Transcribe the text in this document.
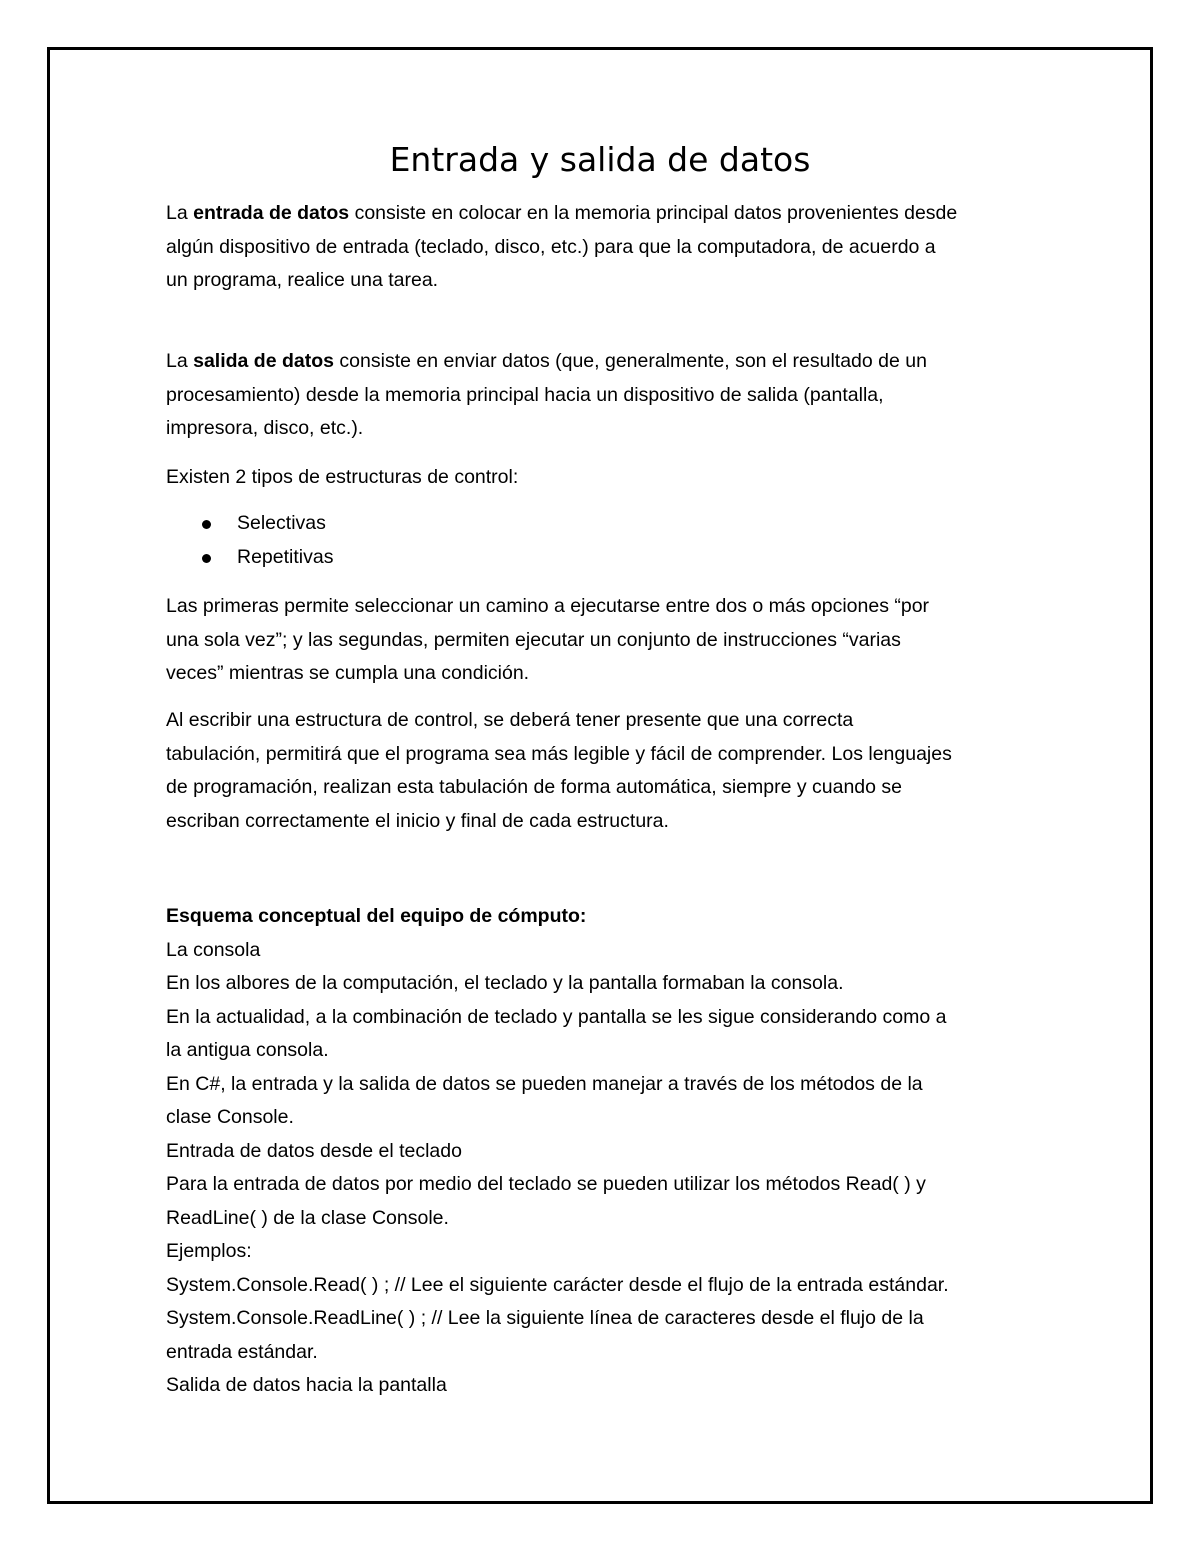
Entrada y salida de datos
La entrada de datos consiste en colocar en la memoria principal datos provenientes desde
algún dispositivo de entrada (teclado, disco, etc.) para que la computadora, de acuerdo a
un programa, realice una tarea.
La salida de datos consiste en enviar datos (que, generalmente, son el resultado de un
procesamiento) desde la memoria principal hacia un dispositivo de salida (pantalla,
impresora, disco, etc.).
Existen 2 tipos de estructuras de control:
Selectivas
Repetitivas
Las primeras permite seleccionar un camino a ejecutarse entre dos o más opciones “por
una sola vez”; y las segundas, permiten ejecutar un conjunto de instrucciones “varias
veces” mientras se cumpla una condición.
Al escribir una estructura de control, se deberá tener presente que una correcta
tabulación, permitirá que el programa sea más legible y fácil de comprender. Los lenguajes
de programación, realizan esta tabulación de forma automática, siempre y cuando se
escriban correctamente el inicio y final de cada estructura.
Esquema conceptual del equipo de cómputo:
La consola
En los albores de la computación, el teclado y la pantalla formaban la consola.
En la actualidad, a la combinación de teclado y pantalla se les sigue considerando como a
la antigua consola.
En C#, la entrada y la salida de datos se pueden manejar a través de los métodos de la
clase Console.
Entrada de datos desde el teclado
Para la entrada de datos por medio del teclado se pueden utilizar los métodos Read( ) y
ReadLine( ) de la clase Console.
Ejemplos:
System.Console.Read( ) ; // Lee el siguiente carácter desde el flujo de la entrada estándar.
System.Console.ReadLine( ) ; // Lee la siguiente línea de caracteres desde el flujo de la
entrada estándar.
Salida de datos hacia la pantalla
